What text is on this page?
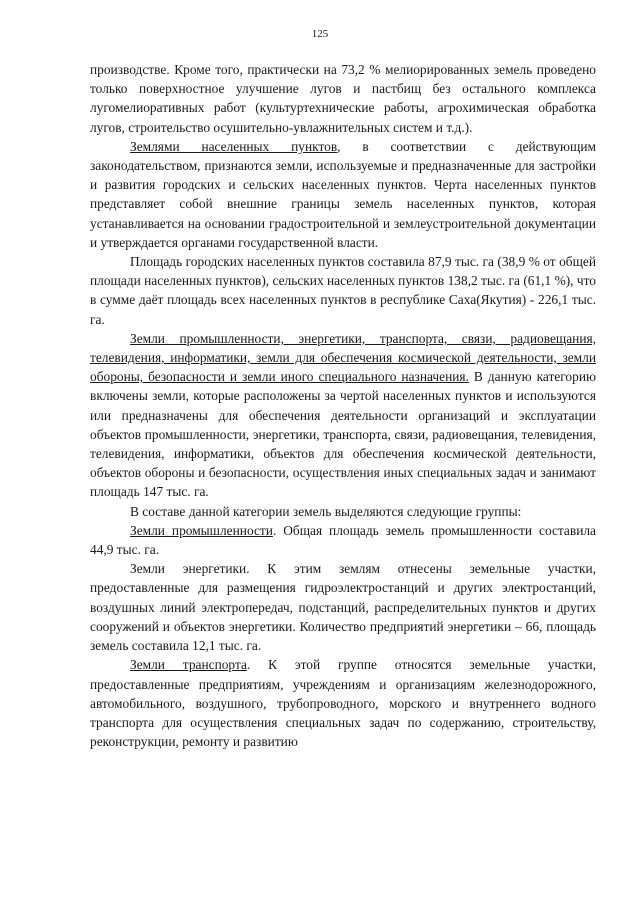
125

производстве. Кроме того, практически на 73,2 % мелиорированных земель проведено только поверхностное улучшение лугов и пастбищ без остального комплекса лугомелиоративных работ (культуртехнические работы, агрохимическая обработка лугов, строительство осушительно-увлажнительных систем и т.д.).

Землями населенных пунктов, в соответствии с действующим законодательством, признаются земли, используемые и предназначенные для застройки и развития городских и сельских населенных пунктов. Черта населенных пунктов представляет собой внешние границы земель населенных пунктов, которая устанавливается на основании градостроительной и землеустроительной документации и утверждается органами государственной власти.

Площадь городских населенных пунктов составила 87,9 тыс. га (38,9 % от общей площади населенных пунктов), сельских населенных пунктов 138,2 тыс. га (61,1 %), что в сумме даёт площадь всех населенных пунктов в республике Саха(Якутия) - 226,1 тыс. га.

Земли промышленности, энергетики, транспорта, связи, радиовещания, телевидения, информатики, земли для обеспечения космической деятельности, земли обороны, безопасности и земли иного специального назначения. В данную категорию включены земли, которые расположены за чертой населенных пунктов и используются или предназначены для обеспечения деятельности организаций и эксплуатации объектов промышленности, энергетики, транспорта, связи, радиовещания, телевидения, телевидения, информатики, объектов для обеспечения космической деятельности, объектов обороны и безопасности, осуществления иных специальных задач и занимают площадь 147 тыс. га.

В составе данной категории земель выделяются следующие группы:

Земли промышленности. Общая площадь земель промышленности составила 44,9 тыс. га.

Земли энергетики. К этим землям отнесены земельные участки, предоставленные для размещения гидроэлектростанций и других электростанций, воздушных линий электропередач, подстанций, распределительных пунктов и других сооружений и объектов энергетики. Количество предприятий энергетики – 66, площадь земель составила 12,1 тыс. га.

Земли транспорта. К этой группе относятся земельные участки, предоставленные предприятиям, учреждениям и организациям железнодорожного, автомобильного, воздушного, трубопроводного, морского и внутреннего водного транспорта для осуществления специальных задач по содержанию, строительству, реконструкции, ремонту и развитию
